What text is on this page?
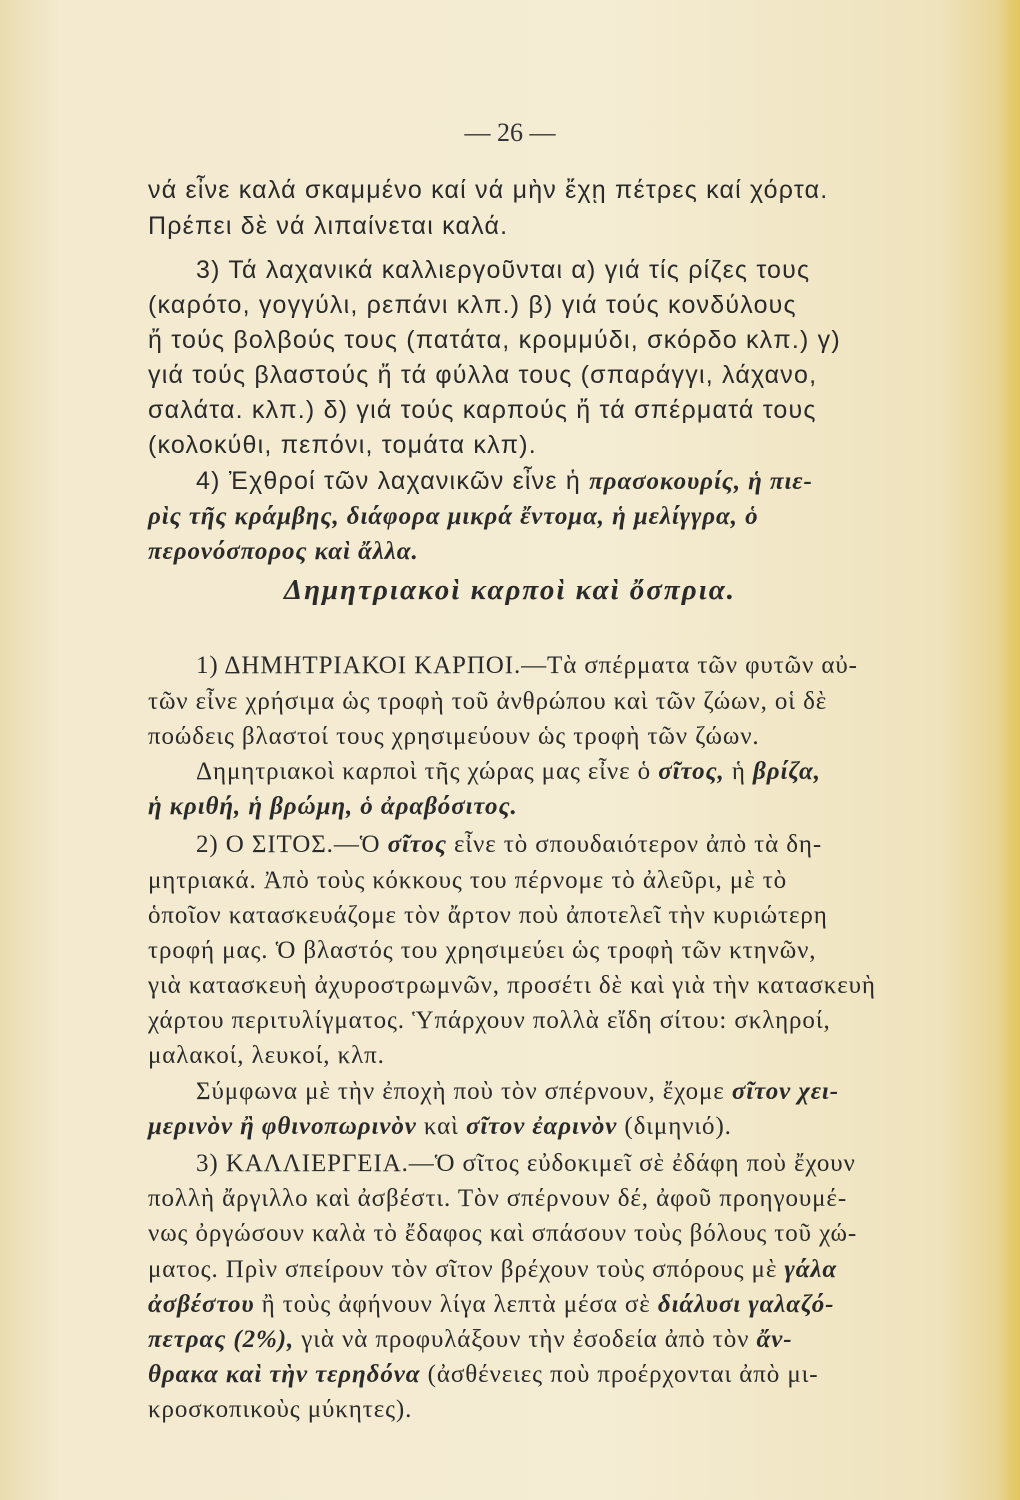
— 26 —
νά εἶνε καλά σκαμμένο καί νά μὴν ἔχῃ πέτρες καί χόρτα.
Πρέπει δὲ νά λιπαίνεται καλά.
3) Τά λαχανικά καλλιεργοῦνται α) γιά τίς ρίζες τους
(καρότο, γογγύλι, ρεπάνι κλπ.) β) γιά τούς κονδύλους
ἤ τούς βολβούς τους (πατάτα, κρομμύδι, σκόρδο κλπ.) γ)
γιά τούς βλαστούς ἤ τά φύλλα τους (σπαράγγι, λάχανο,
σαλάτα. κλπ.) δ) γιά τούς καρπούς ἤ τά σπέρματά τους
(κολοκύθι, πεπόνι, τομάτα κλπ).
4) Ἐχθροί τῶν λαχανικῶν εἶνε ἡ πρασοκουρίς, ἡ πιε-
ρὶς τῆς κράμβης, διάφορα μικρά ἔντομα, ἡ μελίγγρα, ὁ
περονόσπορος καὶ ἄλλα.
Δημητριακοὶ καρποὶ καὶ ὄσπρια.
1) ΔΗΜΗΤΡΙΑΚΟΙ ΚΑΡΠΟΙ.—Τὰ σπέρματα τῶν φυτῶν αὐ-
τῶν εἶνε χρήσιμα ὡς τροφὴ τοῦ ἀνθρώπου καὶ τῶν ζώων, οἱ δὲ
ποώδεις βλαστοί τους χρησιμεύουν ὡς τροφὴ τῶν ζώων.
Δημητριακοὶ καρποὶ τῆς χώρας μας εἶνε ὁ σῖτος, ἡ βρίζα,
ἡ κριθή, ἡ βρώμη, ὁ ἀραβόσιτος.
2) Ο ΣΙΤΟΣ.—Ὁ σῖτος εἶνε τὸ σπουδαιότερον ἀπὸ τὰ δη-
μητριακά. Ἀπὸ τοὺς κόκκους του πέρνομε τὸ ἀλεῦρι, μὲ τὸ
ὁποῖον κατασκευάζομε τὸν ἄρτον ποὺ ἀποτελεῖ τὴν κυριώτερη
τροφή μας. Ὁ βλαστός του χρησιμεύει ὡς τροφὴ τῶν κτηνῶν,
γιὰ κατασκευὴ ἀχυροστρωμνῶν, προσέτι δὲ καὶ γιὰ τὴν κατασκευὴ
χάρτου περιτυλίγματος. Ὑπάρχουν πολλὰ εἴδη σίτου: σκληροί,
μαλακοί, λευκοί, κλπ.
Σύμφωνα μὲ τὴν ἐποχὴ ποὺ τὸν σπέρνουν, ἔχομε σῖτον χει-
μερινὸν ἢ φθινοπωρινὸν καὶ σῖτον ἐαρινὸν (διμηνιό).
3) ΚΑΛΛΙΕΡΓΕΙΑ.—Ὁ σῖτος εὐδοκιμεῖ σὲ ἐδάφη ποὺ ἔχουν
πολλὴ ἄργιλλο καὶ ἀσβέστι. Τὸν σπέρνουν δέ, ἀφοῦ προηγουμέ-
νως ὀργώσουν καλὰ τὸ ἔδαφος καὶ σπάσουν τοὺς βόλους τοῦ χώ-
ματος. Πρὶν σπείρουν τὸν σῖτον βρέχουν τοὺς σπόρους μὲ γάλα
ἀσβέστου ἢ τοὺς ἀφήνουν λίγα λεπτὰ μέσα σὲ διάλυσι γαλαζό-
πετρας (2%), γιὰ νὰ προφυλάξουν τὴν ἐσοδεία ἀπὸ τὸν ἄν-
θρακα καὶ τὴν τερηδόνα (ἀσθένειες ποὺ προέρχονται ἀπὸ μι-
κροσκοπικοὺς μύκητες).
